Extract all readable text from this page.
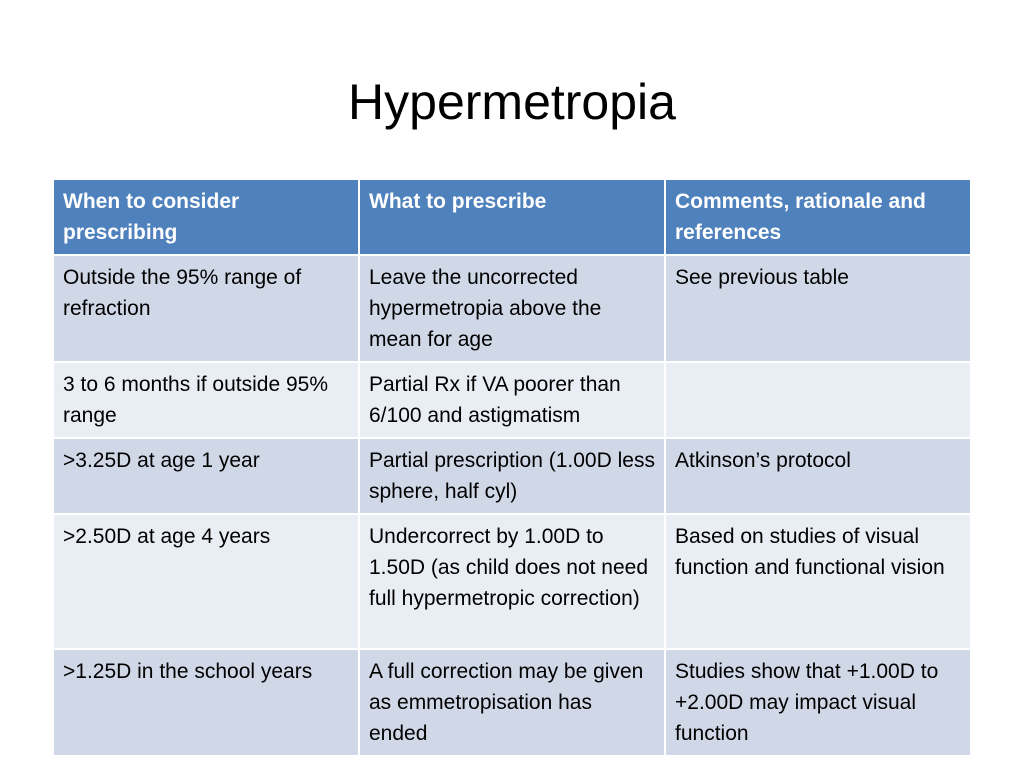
Hypermetropia
When to consider prescribing	What to prescribe	Comments, rationale and references
Outside the 95% range of refraction	Leave the uncorrected hypermetropia above the mean for age	See previous table
3 to 6 months if outside 95% range	Partial Rx if VA poorer than 6/100 and astigmatism	
>3.25D at age 1 year	Partial prescription (1.00D less sphere, half cyl)	Atkinson’s protocol
>2.50D at age 4 years	Undercorrect by 1.00D to 1.50D (as child does not need full hypermetropic correction)	Based on studies of visual function and functional vision
>1.25D in the school years	A full correction may be given as emmetropisation has ended	Studies show that +1.00D to +2.00D may impact visual function
